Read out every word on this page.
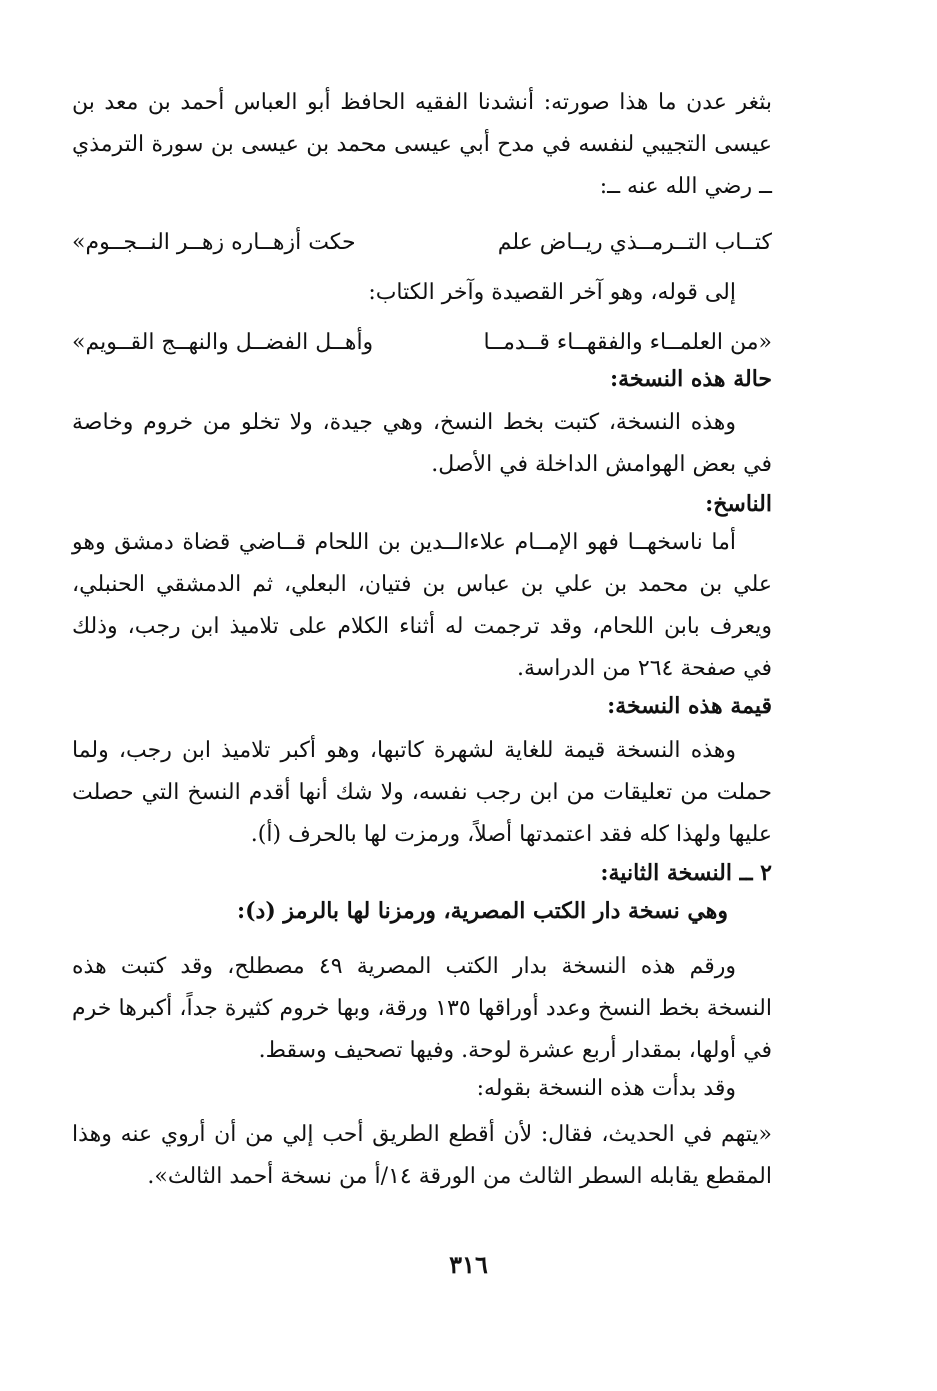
بثغر عدن ما هذا صورته: أنشدنا الفقيه الحافظ أبو العباس أحمد بن معد بن عيسى التجيبي لنفسه في مدح أبي عيسى محمد بن عيسى بن سورة الترمذي ــ رضي الله عنه ــ:

كتــاب التــرمــذي ريــاض علم
حكت أزهــاره زهــر النــجــوم»

إلى قوله، وهو آخر القصيدة وآخر الكتاب:

«من العلمــاء والفقهــاء قــدمــا
وأهــل الفضــل والنهــج القــويم»

حالة هذه النسخة:

وهذه النسخة، كتبت بخط النسخ، وهي جيدة، ولا تخلو من خروم وخاصة في بعض الهوامش الداخلة في الأصل.

الناسخ:

أما ناسخهــا فهو الإمــام علاءالــدين بن اللحام قــاضي قضاة دمشق وهو علي بن محمد بن علي بن عباس بن فتيان، البعلي، ثم الدمشقي الحنبلي، ويعرف بابن اللحام، وقد ترجمت له أثناء الكلام على تلاميذ ابن رجب، وذلك في صفحة ٢٦٤ من الدراسة.

قيمة هذه النسخة:

وهذه النسخة قيمة للغاية لشهرة كاتبها، وهو أكبر تلاميذ ابن رجب، ولما حملت من تعليقات من ابن رجب نفسه، ولا شك أنها أقدم النسخ التي حصلت عليها ولهذا كله فقد اعتمدتها أصلاً، ورمزت لها بالحرف (أ).

٢ ــ النسخة الثانية:

وهي نسخة دار الكتب المصرية، ورمزنا لها بالرمز (د):

ورقم هذه النسخة بدار الكتب المصرية ٤٩ مصطلح، وقد كتبت هذه النسخة بخط النسخ وعدد أوراقها ١٣٥ ورقة، وبها خروم كثيرة جداً، أكبرها خرم في أولها، بمقدار أربع عشرة لوحة. وفيها تصحيف وسقط.

وقد بدأت هذه النسخة بقوله:

«يتهم في الحديث، فقال: لأن أقطع الطريق أحب إلي من أن أروي عنه وهذا المقطع يقابله السطر الثالث من الورقة ١٤/أ من نسخة أحمد الثالث».

٣١٦
